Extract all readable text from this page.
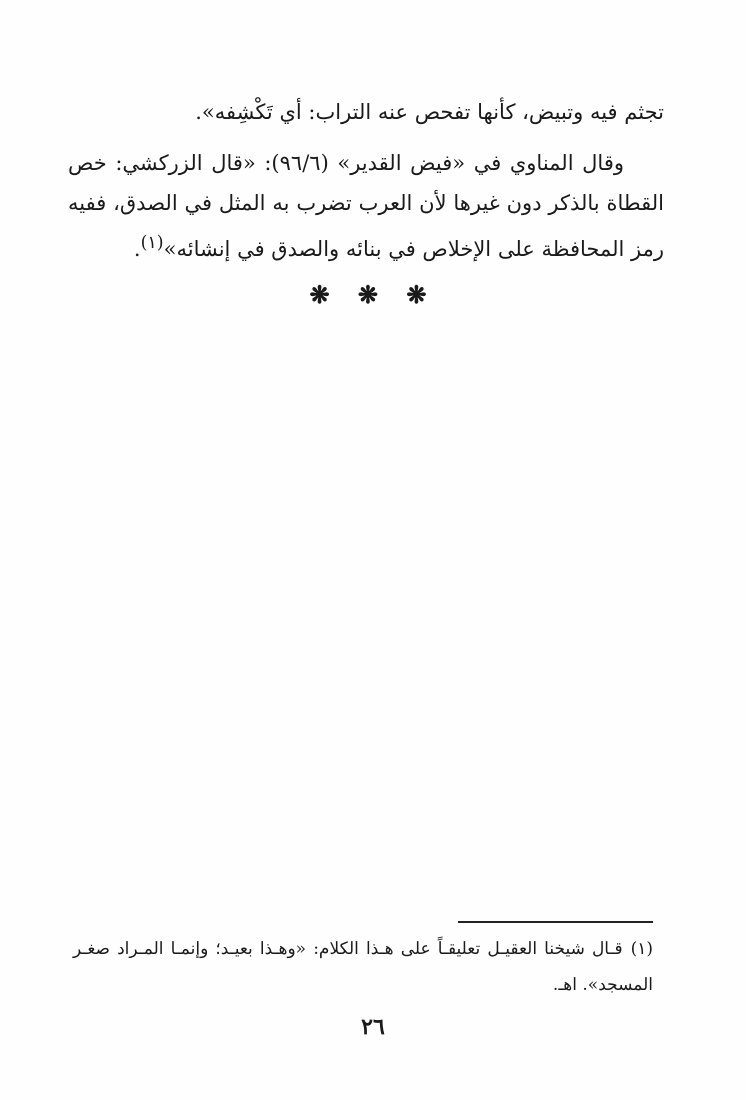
تجثم فيه وتبيض، كأنها تفحص عنه التراب: أي تَكْشِفه».
وقال المناوي في «فيض القدير» (٩٦/٦): «قال الزركشي: خص القطاة بالذكر دون غيرها لأن العرب تضرب به المثل في الصدق، ففيه رمز المحافظة على الإخلاص في بنائه والصدق في إنشائه»$^{(١)}$.
❋ ❋ ❋
(١)قـال شيخنا العقيـل تعليقـاً على هـذا الكلام: «وهـذا بعيـد؛ وإنمـا المـراد صغـر المسجد». اهـ.
٢٦
